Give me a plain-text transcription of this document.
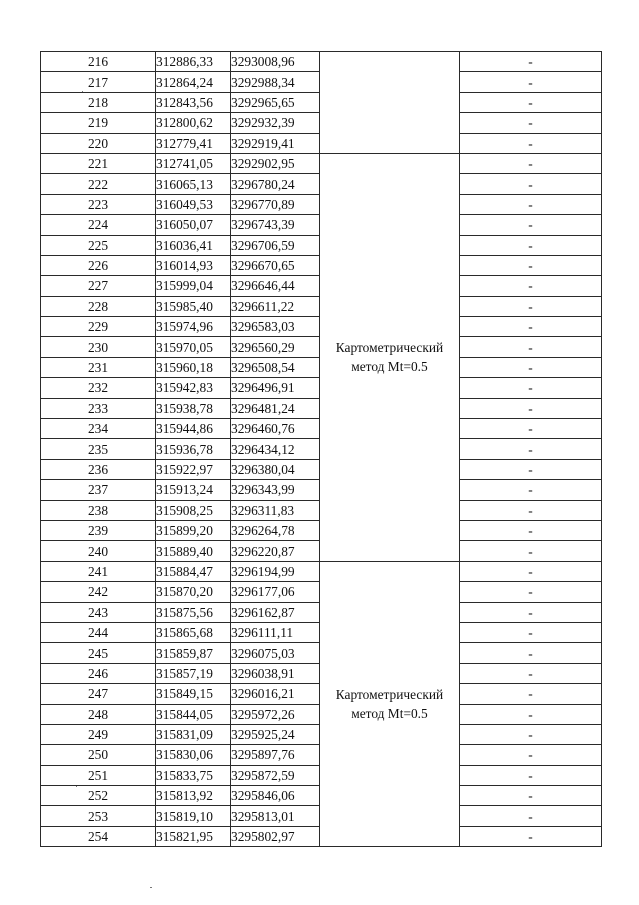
216	312886,33	3293008,96			-
217	312864,24	3292988,34		-
218	312843,56	3292965,65		-
219	312800,62	3292932,39		-
220	312779,41	3292919,41		-
221	312741,05	3292902,95	Картометрический
метод Mt=0.5		-
222	316065,13	3296780,24		-
223	316049,53	3296770,89		-
224	316050,07	3296743,39		-
225	316036,41	3296706,59		-
226	316014,93	3296670,65		-
227	315999,04	3296646,44		-
228	315985,40	3296611,22		-
229	315974,96	3296583,03		-
230	315970,05	3296560,29		-
231	315960,18	3296508,54		-
232	315942,83	3296496,91		-
233	315938,78	3296481,24		-
234	315944,86	3296460,76		-
235	315936,78	3296434,12		-
236	315922,97	3296380,04		-
237	315913,24	3296343,99		-
238	315908,25	3296311,83		-
239	315899,20	3296264,78		-
240	315889,40	3296220,87		-
241	315884,47	3296194,99	Картометрический
метод Mt=0.5		-
242	315870,20	3296177,06		-
243	315875,56	3296162,87		-
244	315865,68	3296111,11		-
245	315859,87	3296075,03		-
246	315857,19	3296038,91		-
247	315849,15	3296016,21		-
248	315844,05	3295972,26		-
249	315831,09	3295925,24		-
250	315830,06	3295897,76		-
251	315833,75	3295872,59		-
252	315813,92	3295846,06		-
253	315819,10	3295813,01		-
254	315821,95	3295802,97		-
